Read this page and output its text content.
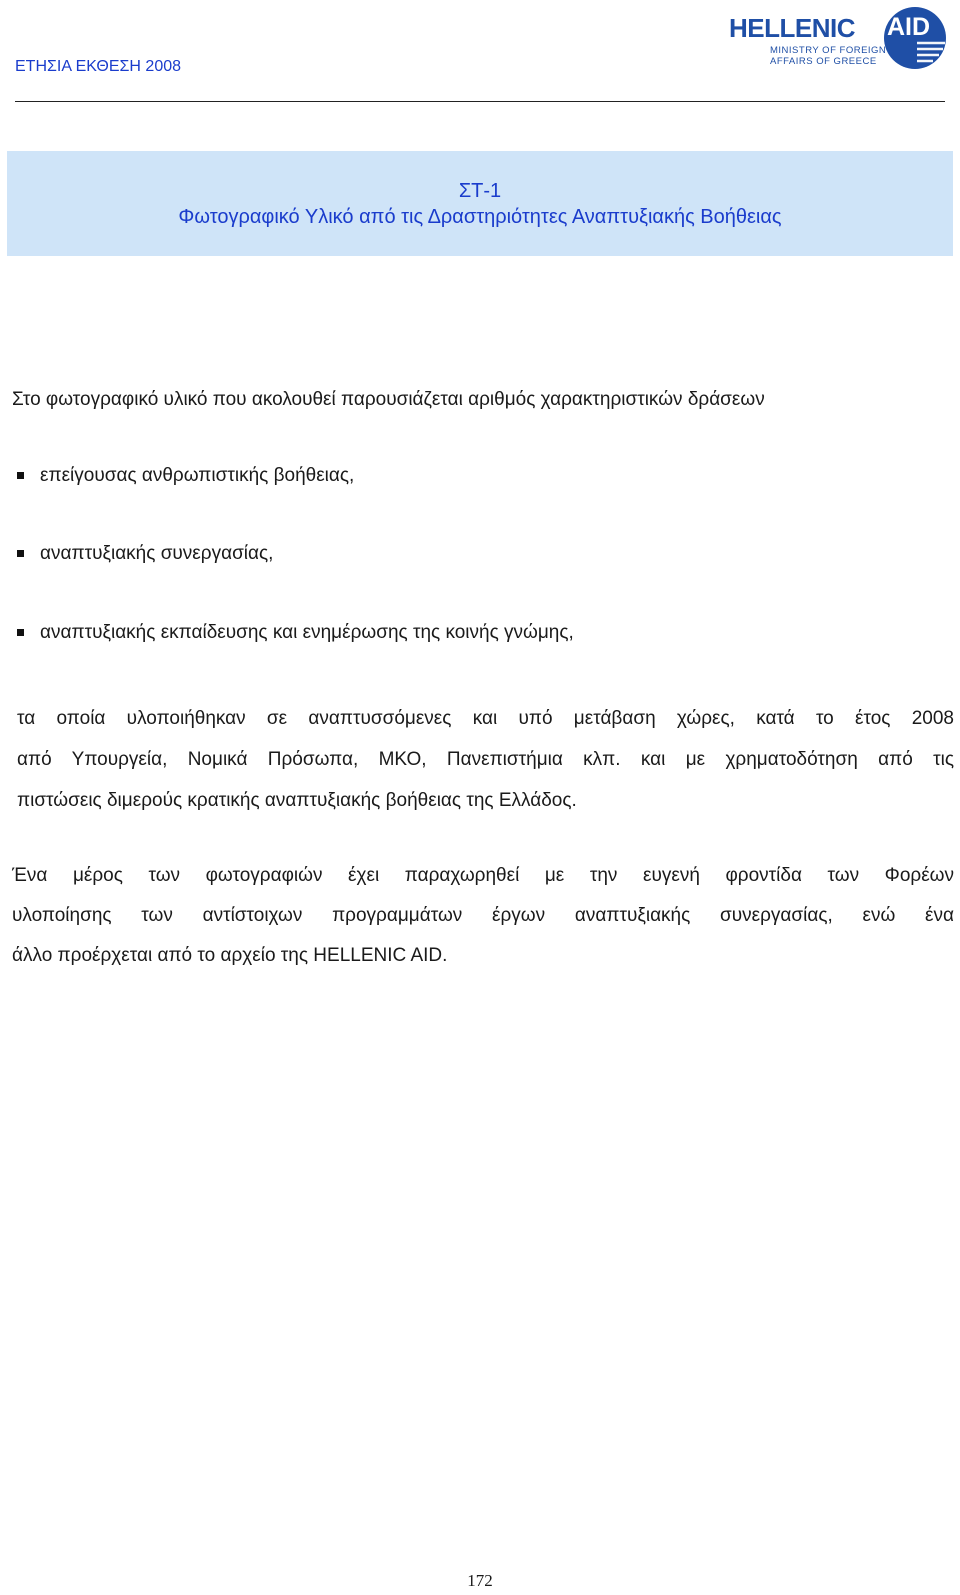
ΕΤΗΣΙΑ ΕΚΘΕΣΗ 2008
HELLENIC AID
MINISTRY OF FOREIGN
AFFAIRS OF GREECE
ΣΤ-1
Φωτογραφικό Υλικό από τις Δραστηριότητες Αναπτυξιακής Βοήθειας
Στο φωτογραφικό υλικό που ακολουθεί παρουσιάζεται αριθμός χαρακτηριστικών δράσεων
επείγουσας ανθρωπιστικής βοήθειας,
αναπτυξιακής συνεργασίας,
αναπτυξιακής εκπαίδευσης και ενημέρωσης της κοινής γνώμης,
τα οποία υλοποιήθηκαν σε αναπτυσσόμενες και υπό μετάβαση χώρες, κατά το έτος 2008
από Υπουργεία, Νομικά Πρόσωπα, ΜΚΟ, Πανεπιστήμια κλπ. και με χρηματοδότηση από τις
πιστώσεις διμερούς κρατικής αναπτυξιακής βοήθειας της Ελλάδος.
Ένα μέρος των φωτογραφιών έχει παραχωρηθεί με την ευγενή φροντίδα των Φορέων
υλοποίησης των αντίστοιχων προγραμμάτων έργων αναπτυξιακής συνεργασίας, ενώ ένα
άλλο προέρχεται από το αρχείο της HELLENIC AID.
172
